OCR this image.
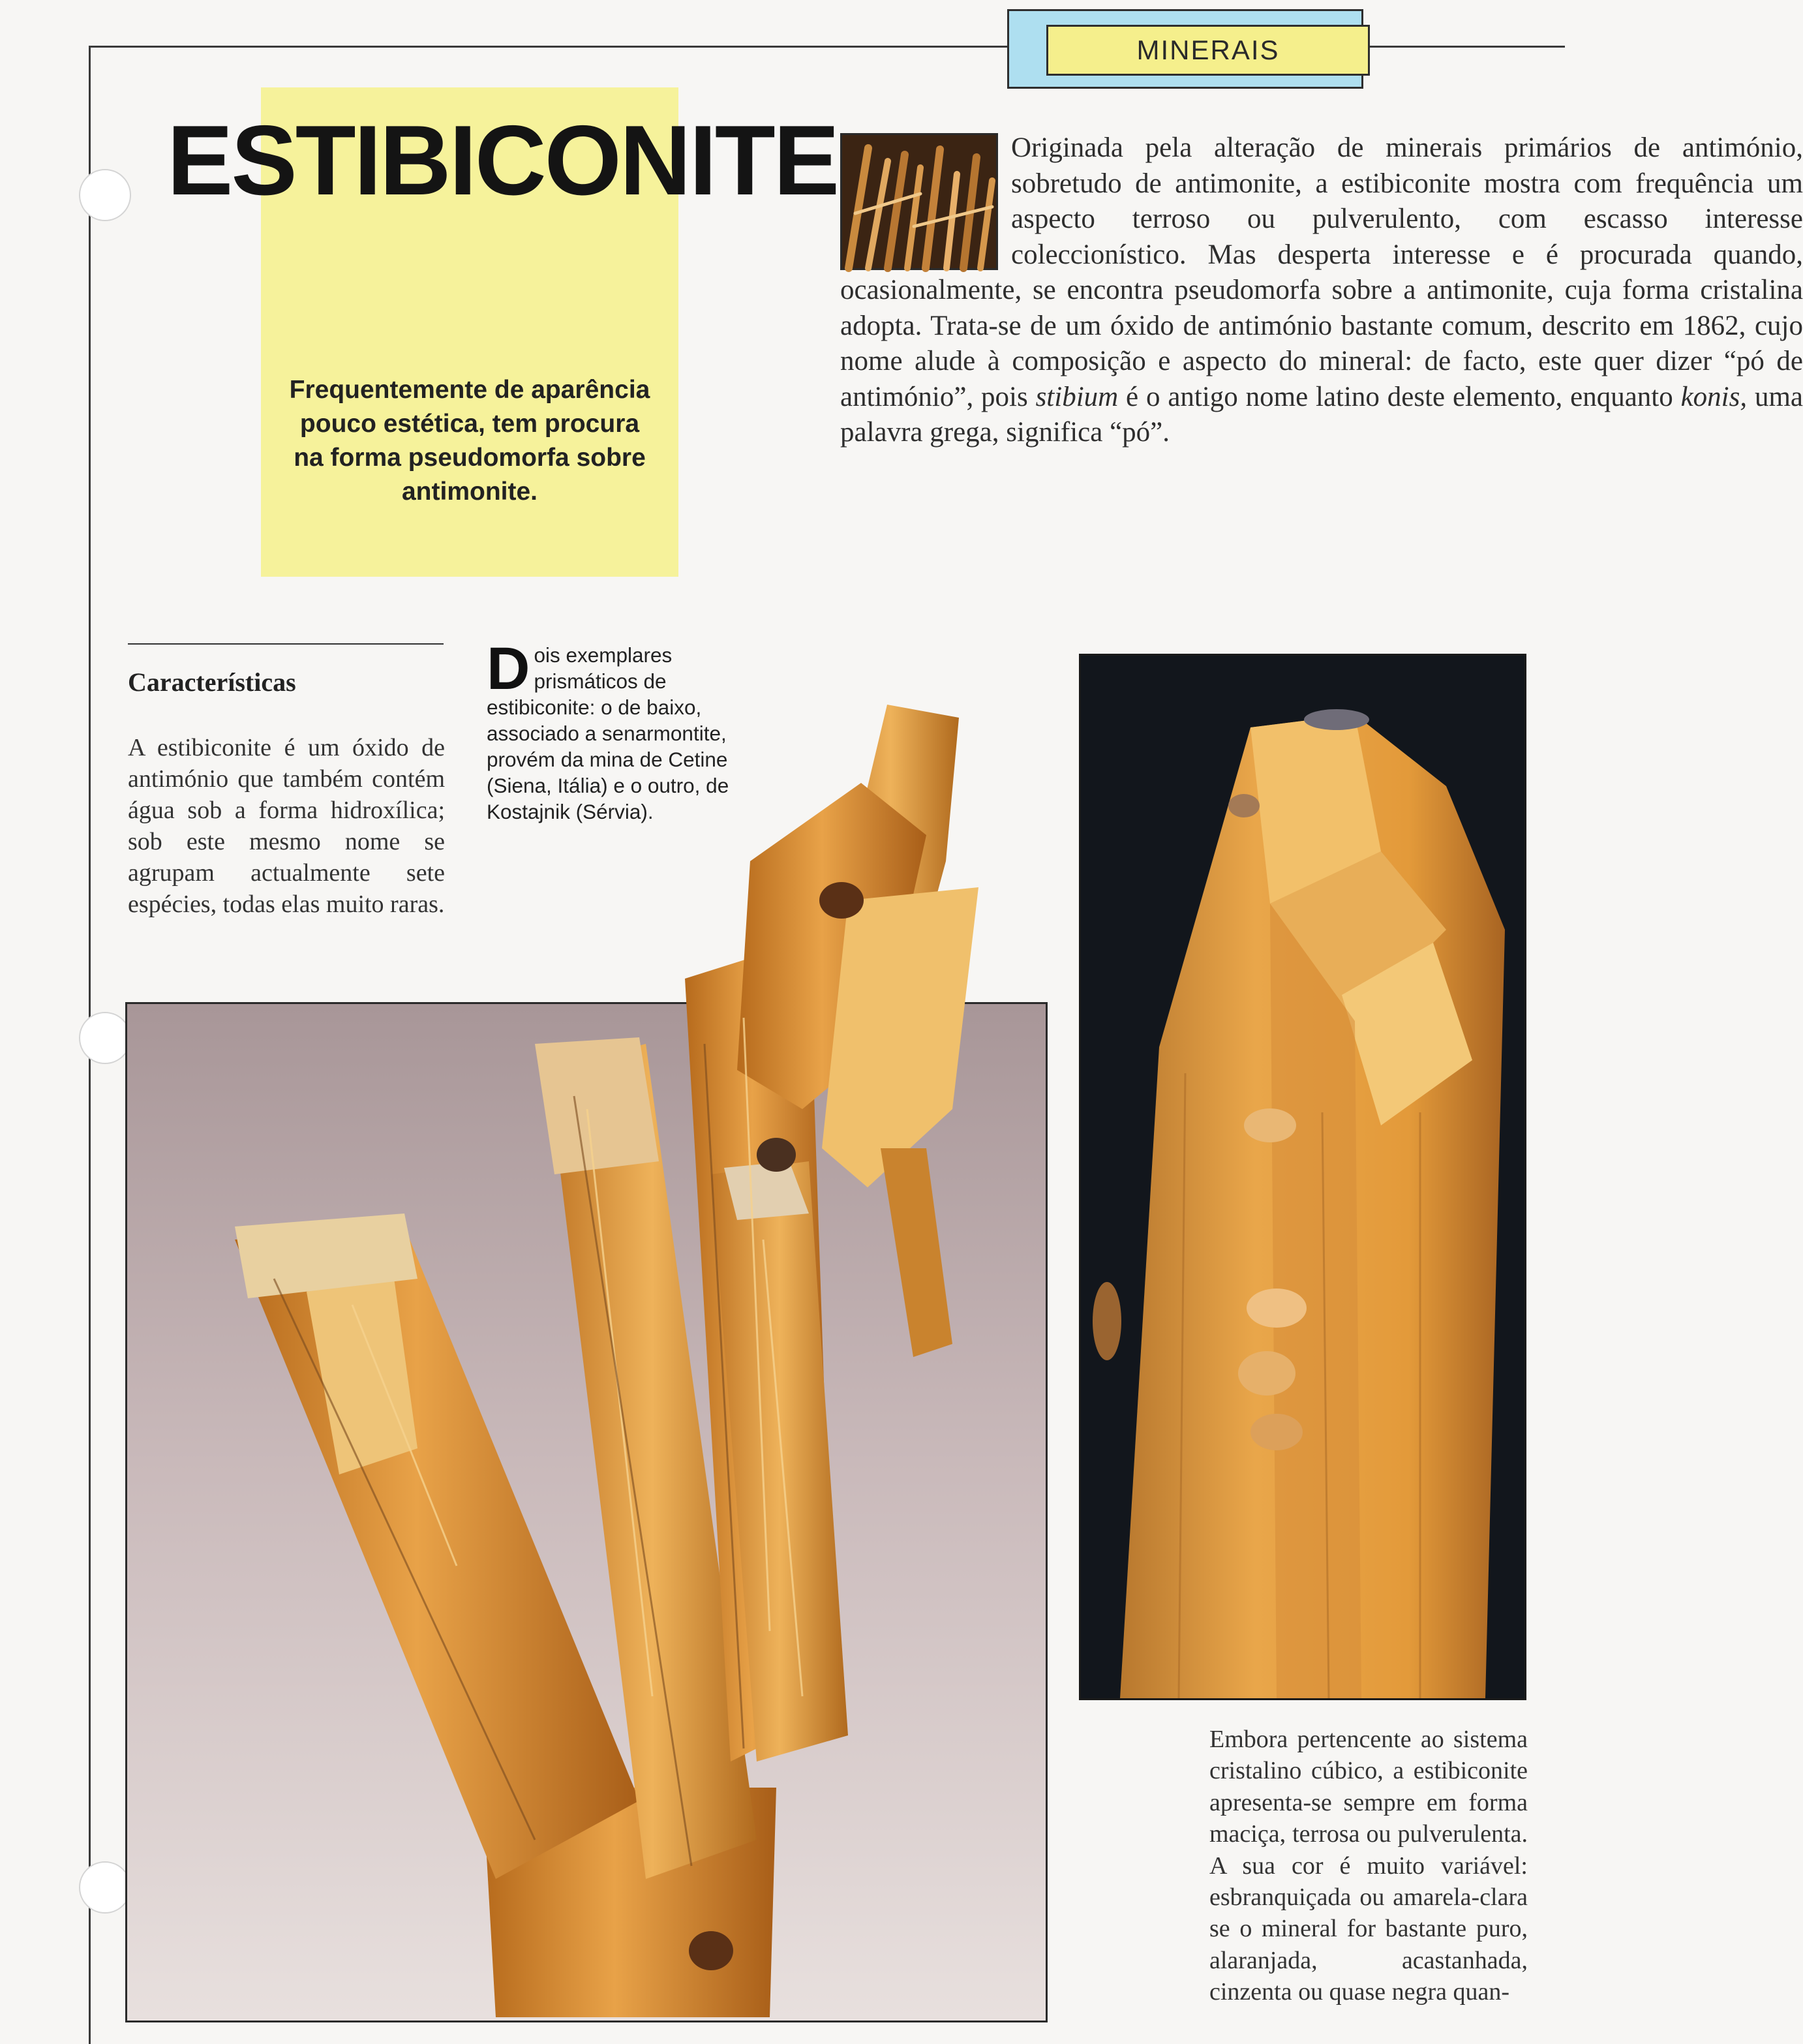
MINERAIS
ESTIBICONITE

Frequentemente de aparência pouco estética, tem procura na forma pseudomorfa sobre antimonite.

Originada pela alteração de minerais primários de antimónio, sobretudo de antimonite, a estibiconite mostra com frequência um aspecto terroso ou pulverulento, com escasso interesse coleccionístico. Mas desperta interesse e é procurada quando, ocasionalmente, se encontra pseudomorfa sobre a antimonite, cuja forma cristalina adopta. Trata-se de um óxido de antimónio bastante comum, descrito em 1862, cujo nome alude à composição e aspecto do mineral: de facto, este quer dizer “pó de antimónio”, pois stibium é o antigo nome latino deste elemento, enquanto konis, uma palavra grega, significa “pó”.

Características

A estibiconite é um óxido de antimónio que também contém água sob a forma hidroxílica; sob este mesmo nome se agrupam actualmente sete espécies, todas elas muito raras.

Dois exemplares prismáticos de estibiconite: o de baixo, associado a senarmontite, provém da mina de Cetine (Siena, Itália) e o outro, de Kostajnik (Sérvia).

Embora pertencente ao sistema cristalino cúbico, a estibiconite apresenta-se sempre em forma maciça, terrosa ou pulverulenta. A sua cor é muito variável: esbranquiçada ou amarela-clara se o mineral for bastante puro, alaranjada, acastanhada, cinzenta ou quase negra quan-
